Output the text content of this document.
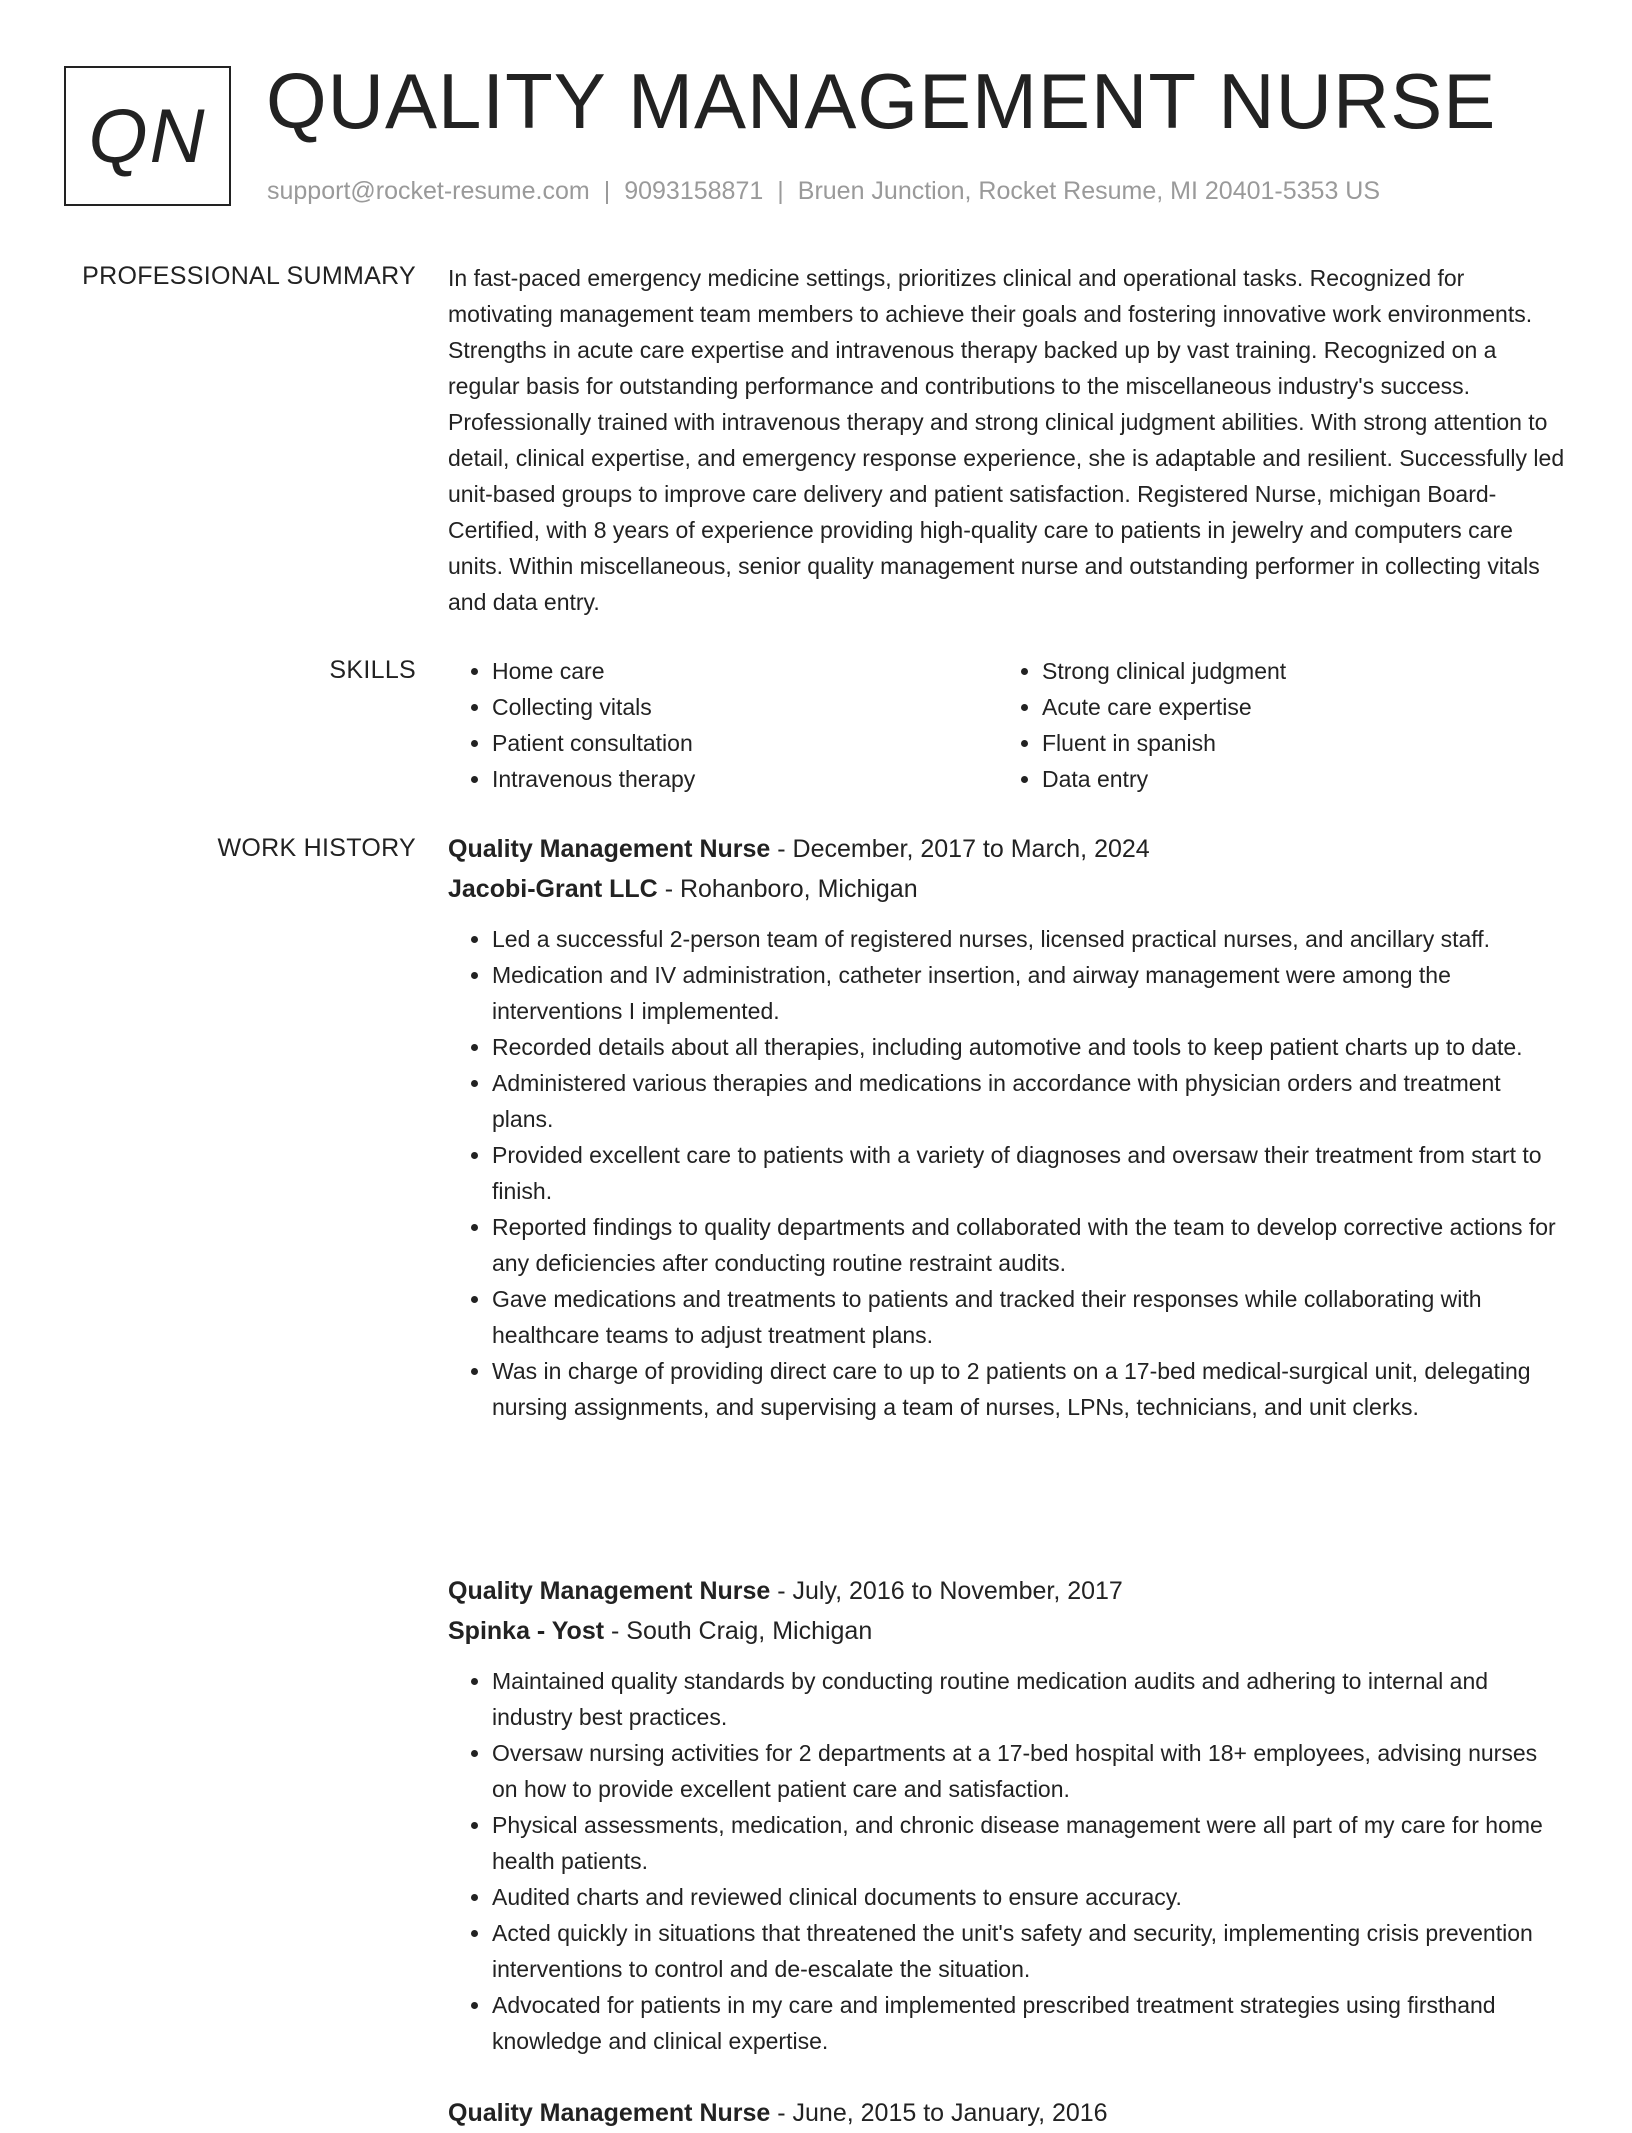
QN QUALITY MANAGEMENT NURSE
support@rocket-resume.com | 9093158871 | Bruen Junction, Rocket Resume, MI 20401-5353 US
PROFESSIONAL SUMMARY In fast-paced emergency medicine settings, prioritizes clinical and operational tasks. Recognized for motivating management team members to achieve their goals and fostering innovative work environments. Strengths in acute care expertise and intravenous therapy backed up by vast training. Recognized on a regular basis for outstanding performance and contributions to the miscellaneous industry's success. Professionally trained with intravenous therapy and strong clinical judgment abilities. With strong attention to detail, clinical expertise, and emergency response experience, she is adaptable and resilient. Successfully led unit-based groups to improve care delivery and patient satisfaction. Registered Nurse, michigan Board-Certified, with 8 years of experience providing high-quality care to patients in jewelry and computers care units. Within miscellaneous, senior quality management nurse and outstanding performer in collecting vitals and data entry.

SKILLS
•	Home care
• Collecting vitals
• Patient consultation
• Intravenous therapy
• Strong clinical judgment
• Acute care expertise
• Fluent in spanish
• Data entry
WORK HISTORY Quality Management Nurse - December, 2017 to March, 2024
Jacobi-Grant LLC - Rohanboro, Michigan
• Led a successful 2-person team of registered nurses, licensed practical nurses, and ancillary staff.
• Medication and IV administration, catheter insertion, and airway management were among the interventions I implemented.
• Recorded details about all therapies, including automotive and tools to keep patient charts up to date.
• Administered various therapies and medications in accordance with physician orders and treatment plans.
• Provided excellent care to patients with a variety of diagnoses and oversaw their treatment from start to finish.
• Reported findings to quality departments and collaborated with the team to develop corrective actions for any deficiencies after conducting routine restraint audits.
• Gave medications and treatments to patients and tracked their responses while collaborating with healthcare teams to adjust treatment plans.
• Was in charge of providing direct care to up to 2 patients on a 17-bed medical-surgical unit, delegating nursing assignments, and supervising a team of nurses, LPNs, technicians, and unit clerks.
Quality Management Nurse - July, 2016 to November, 2017
Spinka - Yost - South Craig, Michigan
• Maintained quality standards by conducting routine medication audits and adhering to internal and industry best practices.
• Oversaw nursing activities for 2 departments at a 17-bed hospital with 18+ employees, advising nurses on how to provide excellent patient care and satisfaction.
• Physical assessments, medication, and chronic disease management were all part of my care for home health patients.
• Audited charts and reviewed clinical documents to ensure accuracy.
• Acted quickly in situations that threatened the unit's safety and security, implementing crisis prevention interventions to control and de-escalate the situation.
• Advocated for patients in my care and implemented prescribed treatment strategies using firsthand knowledge and clinical expertise.
Quality Management Nurse - June, 2015 to January, 2016
